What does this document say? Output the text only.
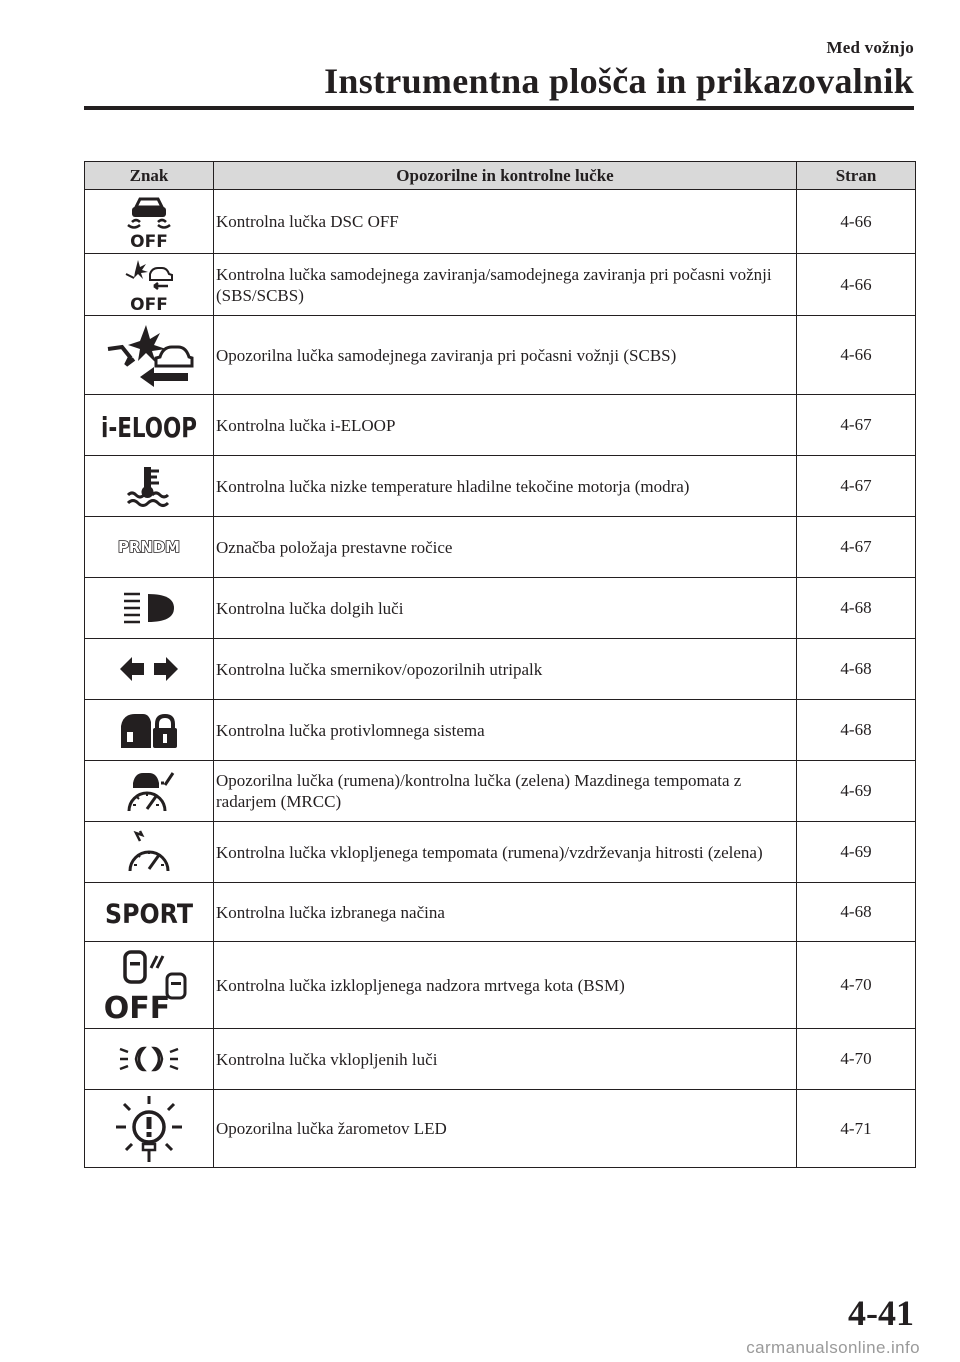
Med vožnjo
Instrumentna plošča in prikazovalnik
Znak	Opozorilne in kontrolne lučke	Stran

OFF	Kontrolna lučka DSC OFF	4-66

OFF	Kontrolna lučka samodejnega zaviranja/samodejnega zaviranja pri počasni vožnji (SBS/SCBS)	4-66

	Opozorilna lučka samodejnega zaviranja pri počasni vožnji (SCBS)	4-66

i-ELOOP	Kontrolna lučka i-ELOOP	4-67

	Kontrolna lučka nizke temperature hladilne tekočine motorja (modra)	4-67

PRNDM	Označba položaja prestavne ročice	4-67

	Kontrolna lučka dolgih luči	4-68

	Kontrolna lučka smernikov/opozorilnih utripalk	4-68

	Kontrolna lučka protivlomnega sistema	4-68

	Opozorilna lučka (rumena)/kontrolna lučka (zelena) Mazdinega tempomata z radarjem (MRCC)	4-69

	Kontrolna lučka vklopljenega tempomata (rumena)/vzdrževanja hitrosti (zelena)	4-69

SPORT	Kontrolna lučka izbranega načina	4-68

OFF	Kontrolna lučka izklopljenega nadzora mrtvega kota (BSM)	4-70

	Kontrolna lučka vklopljenih luči	4-70

	Opozorilna lučka žarometov LED	4-71
4-41
carmanualsonline.info
